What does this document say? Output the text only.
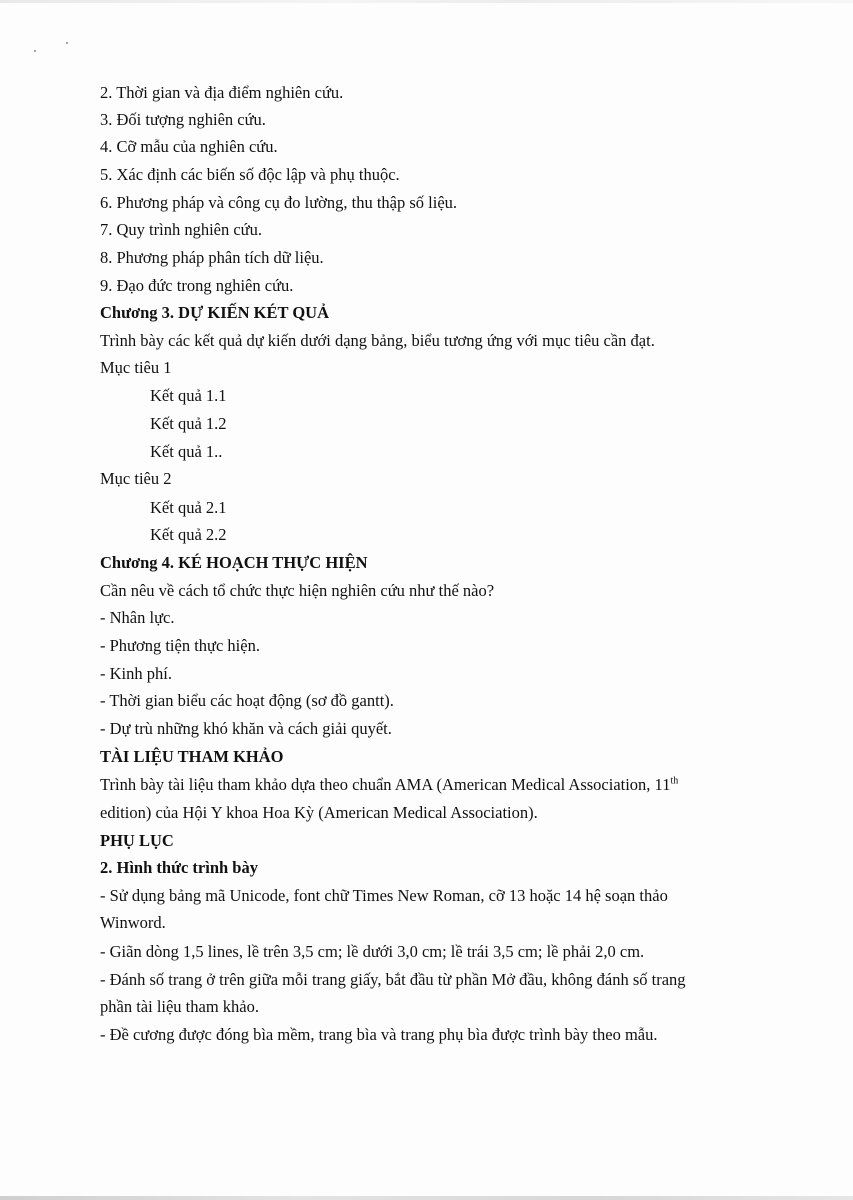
2. Thời gian và địa điểm nghiên cứu.
3. Đối tượng nghiên cứu.
4. Cỡ mẫu của nghiên cứu.
5. Xác định các biến số độc lập và phụ thuộc.
6. Phương pháp và công cụ đo lường, thu thập số liệu.
7. Quy trình nghiên cứu.
8. Phương pháp phân tích dữ liệu.
9. Đạo đức trong nghiên cứu.
Chương 3. DỰ KIẾN KÉT QUẢ
Trình bày các kết quả dự kiến dưới dạng bảng, biểu tương ứng với mục tiêu cần đạt.
Mục tiêu 1
Kết quả 1.1
Kết quả 1.2
Kết quả 1..
Mục tiêu 2
Kết quả 2.1
Kết quả 2.2
Chương 4. KÉ HOẠCH THỰC HIỆN
Cần nêu về cách tổ chức thực hiện nghiên cứu như thế nào?
- Nhân lực.
- Phương tiện thực hiện.
- Kinh phí.
- Thời gian biểu các hoạt động (sơ đồ gantt).
- Dự trù những khó khăn và cách giải quyết.
TÀI LIỆU THAM KHẢO
Trình bày tài liệu tham khảo dựa theo chuẩn AMA (American Medical Association, 11th
edition) của Hội Y khoa Hoa Kỳ (American Medical Association).
PHỤ LỤC
2. Hình thức trình bày
- Sử dụng bảng mã Unicode, font chữ Times New Roman, cỡ 13 hoặc 14 hệ soạn thảo
Winword.
- Giãn dòng 1,5 lines, lề trên 3,5 cm; lề dưới 3,0 cm; lề trái 3,5 cm; lề phải 2,0 cm.
- Đánh số trang ở trên giữa mỗi trang giấy, bắt đầu từ phần Mở đầu, không đánh số trang
phần tài liệu tham khảo.
- Đề cương được đóng bìa mềm, trang bìa và trang phụ bìa được trình bày theo mẫu.
